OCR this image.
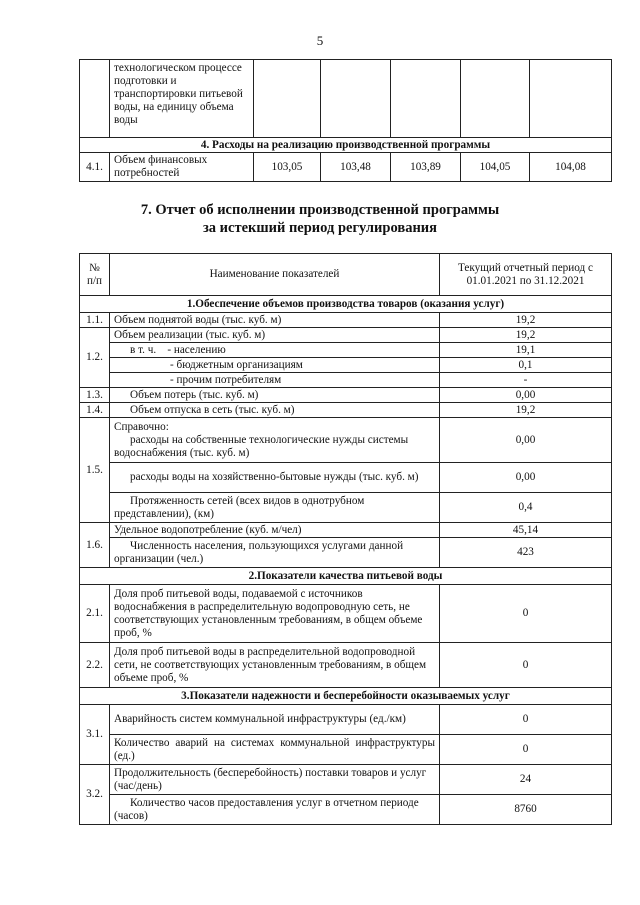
5
	технологическом процессе подготовки и транспортировки питьевой воды, на единицу объема воды					
4. Расходы на реализацию производственной программы						
4.1.	Объем финансовых потребностей	103,05	103,48	103,89	104,05	104,08
7. Отчет об исполнении производственной программы
за истекший период регулирования
№ п/п	Наименование показателей	Текущий отчетный период с 01.01.2021 по 31.12.2021
1.Обеспечение объемов производства товаров (оказания услуг)		
1.1.	Объем поднятой воды (тыс. куб. м)	19,2
1.2.	Объем реализации (тыс. куб. м)	19,2
	в т. ч.    - населению	19,1
	- бюджетным организациям	0,1
	- прочим потребителям	-
1.3.	Объем потерь (тыс. куб. м)	0,00
1.4.	Объем отпуска в сеть (тыс. куб. м)	19,2
1.5.	Справочно:
расходы на собственные технологические нужды системы водоснабжения (тыс. куб. м)	0,00
	расходы воды на хозяйственно-бытовые нужды (тыс. куб. м)	0,00
	Протяженность сетей (всех видов в однотрубном представлении), (км)	0,4
1.6.	Удельное водопотребление (куб. м/чел)	45,14
	Численность населения, пользующихся услугами данной организации (чел.)	423
2.Показатели качества питьевой воды		
2.1.	Доля проб питьевой воды, подаваемой с источников водоснабжения в распределительную водопроводную сеть, не соответствующих установленным требованиям, в общем объеме проб, %	0
2.2.	Доля проб питьевой воды в распределительной водопроводной сети, не соответствующих установленным требованиям, в общем объеме проб, %	0
3.Показатели надежности и бесперебойности оказываемых услуг		
3.1.	Аварийность систем коммунальной инфраструктуры (ед./км)	0
	Количество аварий на системах коммунальной инфраструктуры (ед.)	0
3.2.	Продолжительность (бесперебойность) поставки товаров и услуг (час/день)	24
	Количество часов предоставления услуг в отчетном периоде (часов)	8760
